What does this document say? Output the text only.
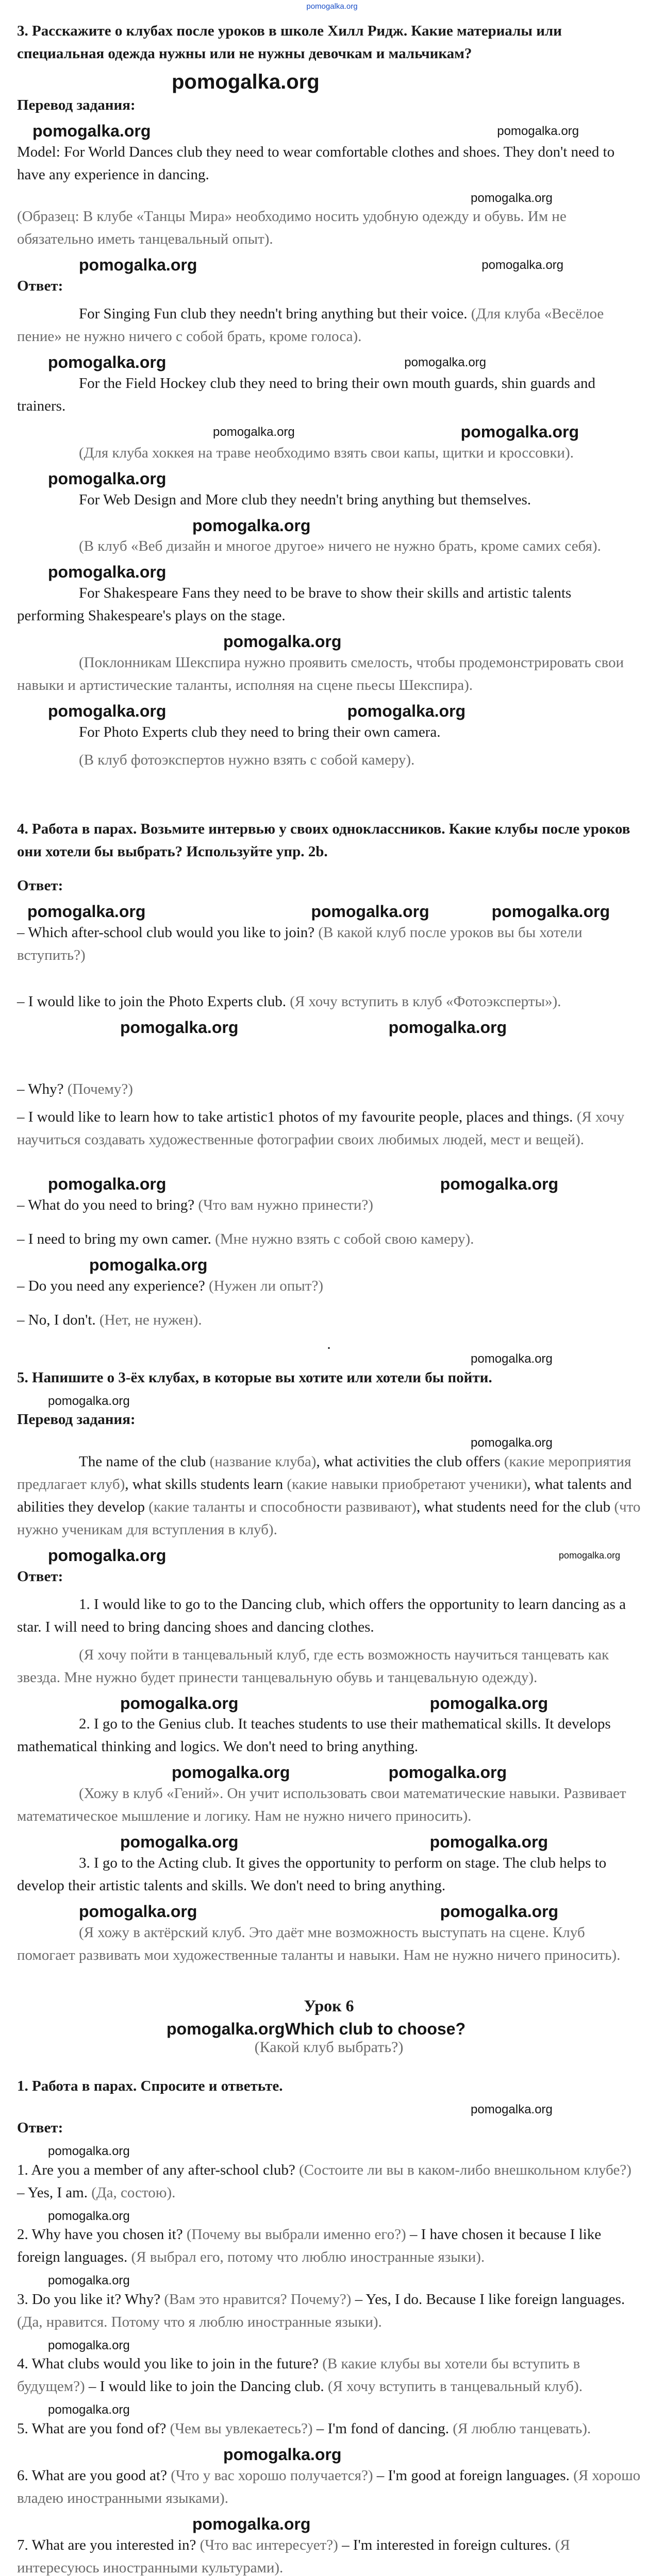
pomogalka.org

3. Расскажите о клубах после уроков в школе Хилл Ридж. Какие материалы или специальная одежда нужны или не нужны девочкам и мальчикам?

pomogalka.org

Перевод задания:

pomogalka.org	pomogalka.org

Model: For World Dances club they need to wear comfortable clothes and shoes. They don't need to have any experience in dancing.

pomogalka.org

(Образец: В клубе «Танцы Мира» необходимо носить удобную одежду и обувь. Им не обязательно иметь танцевальный опыт).

pomogalka.org	pomogalka.org

Ответ:

For Singing Fun club they needn't bring anything but their voice. (Для клуба «Весёлое пение» не нужно ничего с собой брать, кроме голоса).

pomogalka.org	pomogalka.org

For the Field Hockey club they need to bring their own mouth guards, shin guards and trainers.

pomogalka.org	pomogalka.org

(Для клуба хоккея на траве необходимо взять свои капы, щитки и кроссовки).

pomogalka.org

For Web Design and More club they needn't bring anything but themselves.

pomogalka.org

(В клуб «Веб дизайн и многое другое» ничего не нужно брать, кроме самих себя).

pomogalka.org

For Shakespeare Fans they need to be brave to show their skills and artistic talents performing Shakespeare's plays on the stage.

pomogalka.org

(Поклонникам Шекспира нужно проявить смелость, чтобы продемонстрировать свои навыки и артистические таланты, исполняя на сцене пьесы Шекспира).

pomogalka.org	pomogalka.org

For Photo Experts club they need to bring their own camera.

(В клуб фотоэкспертов нужно взять с собой камеру).

4. Работа в парах. Возьмите интервью у своих одноклассников. Какие клубы после уроков они хотели бы выбрать? Используйте упр. 2b.

Ответ:

pomogalka.org	pomogalka.org	pomogalka.org

– Which after-school club would you like to join? (В какой клуб после уроков вы бы хотели вступить?)

– I would like to join the Photo Experts club. (Я хочу вступить в клуб «Фотоэксперты»).

pomogalka.org	pomogalka.org

– Why? (Почему?)

– I would like to learn how to take artistic1 photos of my favourite people, places and things. (Я хочу научиться создавать художественные фотографии своих любимых людей, мест и вещей).

pomogalka.org	pomogalka.org

– What do you need to bring? (Что вам нужно принести?)

– I need to bring my own camer. (Мне нужно взять с собой свою камеру).

pomogalka.org

– Do you need any experience? (Нужен ли опыт?)

– No, I don't. (Нет, не нужен).

.

pomogalka.org

5. Напишите о 3-ёх клубах, в которые вы хотите или хотели бы пойти.

pomogalka.org

Перевод задания:

pomogalka.org

The name of the club (название клуба), what activities the club offers (какие мероприятия предлагает клуб), what skills students learn (какие навыки приобретают ученики), what talents and abilities they develop (какие таланты и способности развивают), what students need for the club (что нужно ученикам для вступления в клуб).

pomogalka.org	pomogalka.org

Ответ:

1. I would like to go to the Dancing club, which offers the opportunity to learn dancing as a star. I will need to bring dancing shoes and dancing clothes.

(Я хочу пойти в танцевальный клуб, где есть возможность научиться танцевать как звезда. Мне нужно будет принести танцевальную обувь и танцевальную одежду).

pomogalka.org	pomogalka.org

2. I go to the Genius club. It teaches students to use their mathematical skills. It develops mathematical thinking and logics. We don't need to bring anything.

pomogalka.org	pomogalka.org

(Хожу в клуб «Гений». Он учит использовать свои математические навыки. Развивает математическое мышление и логику. Нам не нужно ничего приносить).

pomogalka.org	pomogalka.org

3. I go to the Acting club. It gives the opportunity to perform on stage. The club helps to develop their artistic talents and skills. We don't need to bring anything.

pomogalka.org	pomogalka.org

(Я хожу в актёрский клуб. Это даёт мне возможность выступать на сцене. Клуб помогает развивать мои художественные таланты и навыки. Нам не нужно ничего приносить).

Урок 6

pomogalka.org Which club to choose?

(Какой клуб выбрать?)

1. Работа в парах. Спросите и ответьте.

pomogalka.org

Ответ:

pomogalka.org

1. Are you a member of any after-school club? (Состоите ли вы в каком-либо внешкольном клубе?) – Yes, I am. (Да, состою).

pomogalka.org

2. Why have you chosen it? (Почему вы выбрали именно его?) – I have chosen it because I like foreign languages. (Я выбрал его, потому что люблю иностранные языки).

pomogalka.org

3. Do you like it? Why? (Вам это нравится? Почему?) – Yes, I do. Because I like foreign languages. (Да, нравится. Потому что я люблю иностранные языки).

pomogalka.org

4. What clubs would you like to join in the future? (В какие клубы вы хотели бы вступить в будущем?) – I would like to join the Dancing club. (Я хочу вступить в танцевальный клуб).

pomogalka.org

5. What are you fond of? (Чем вы увлекаетесь?) – I'm fond of dancing. (Я люблю танцевать).

pomogalka.org

6. What are you good at? (Что у вас хорошо получается?) – I'm good at foreign languages. (Я хорошо владею иностранными языками).

pomogalka.org

7. What are you interested in? (Что вас интересует?) – I'm interested in foreign cultures. (Я интересуюсь иностранными культурами).
